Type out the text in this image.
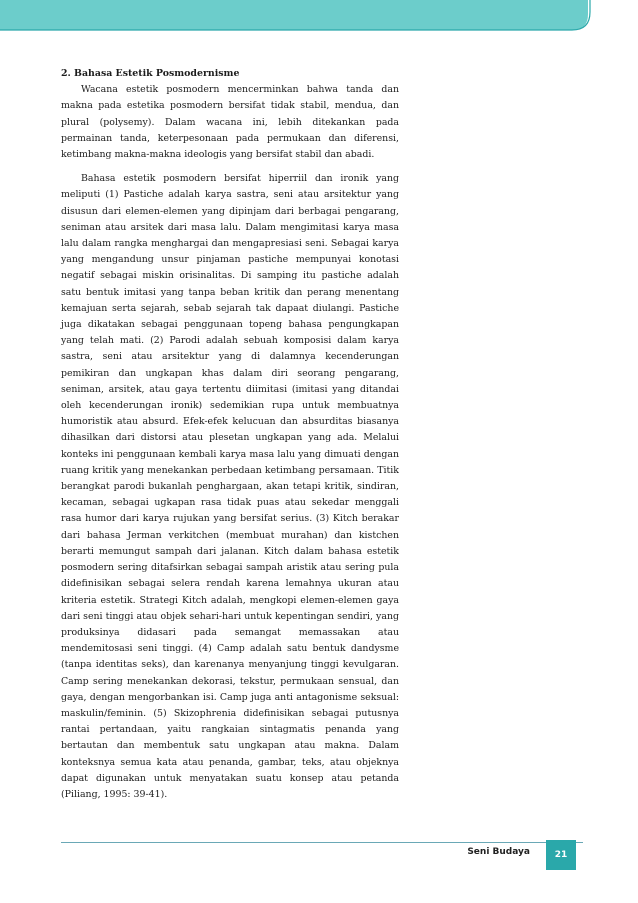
2. Bahasa Estetik Posmodernisme

Wacana estetik posmodern mencerminkan bahwa tanda dan makna pada estetika posmodern bersifat tidak stabil, mendua, dan plural (polysemy). Dalam wacana ini, lebih ditekankan pada permainan tanda, keterpesonaan pada permukaan dan diferensi, ketimbang makna-makna ideologis yang bersifat stabil dan abadi.

Bahasa estetik posmodern bersifat hiperriil dan ironik yang meliputi (1) Pastiche adalah karya sastra, seni atau arsitektur yang disusun dari elemen-elemen yang dipinjam dari berbagai pengarang, seniman atau arsitek dari masa lalu. Dalam mengimitasi karya masa lalu dalam rangka menghargai dan mengapresiasi seni. Sebagai karya yang mengandung unsur pinjaman pastiche mempunyai konotasi negatif sebagai miskin orisinalitas. Di samping itu pastiche adalah satu bentuk imitasi yang tanpa beban kritik dan perang menentang kemajuan serta sejarah, sebab sejarah tak dapaat diulangi. Pastiche juga dikatakan sebagai penggunaan topeng bahasa pengungkapan yang telah mati. (2) Parodi adalah sebuah komposisi dalam karya sastra, seni atau arsitektur yang di dalamnya kecenderungan pemikiran dan ungkapan khas dalam diri seorang pengarang, seniman, arsitek, atau gaya tertentu diimitasi (imitasi yang ditandai oleh kecenderungan ironik) sedemikian rupa untuk membuatnya humoristik atau absurd. Efek-efek kelucuan dan absurditas biasanya dihasilkan dari distorsi atau plesetan ungkapan yang ada. Melalui konteks ini penggunaan kembali karya masa lalu yang dimuati dengan ruang kritik yang menekankan perbedaan ketimbang persamaan. Titik berangkat parodi bukanlah penghargaan, akan tetapi kritik, sindiran, kecaman, sebagai ugkapan rasa tidak puas atau sekedar menggali rasa humor dari karya rujukan yang bersifat serius. (3) Kitch berakar dari bahasa Jerman verkitchen (membuat murahan) dan kistchen berarti memungut sampah dari jalanan. Kitch dalam bahasa estetik posmodern sering ditafsirkan sebagai sampah aristik atau sering pula didefinisikan sebagai selera rendah karena lemahnya ukuran atau kriteria estetik. Strategi Kitch adalah, mengkopi elemen-elemen gaya dari seni tinggi atau objek sehari-hari untuk kepentingan sendiri, yang produksinya didasari pada semangat memassakan atau mendemitosasi seni tinggi. (4) Camp adalah satu bentuk dandysme (tanpa identitas seks), dan karenanya menyanjung tinggi kevulgaran. Camp sering menekankan dekorasi, tekstur, permukaan sensual, dan gaya, dengan mengorbankan isi. Camp juga anti antagonisme seksual: maskulin/feminin. (5) Skizophrenia didefinisikan sebagai putusnya rantai pertandaan, yaitu rangkaian sintagmatis penanda yang bertautan dan membentuk satu ungkapan atau makna. Dalam konteksnya semua kata atau penanda, gambar, teks, atau objeknya dapat digunakan untuk menyatakan suatu konsep atau petanda (Piliang, 1995: 39-41).

Seni Budaya	21
